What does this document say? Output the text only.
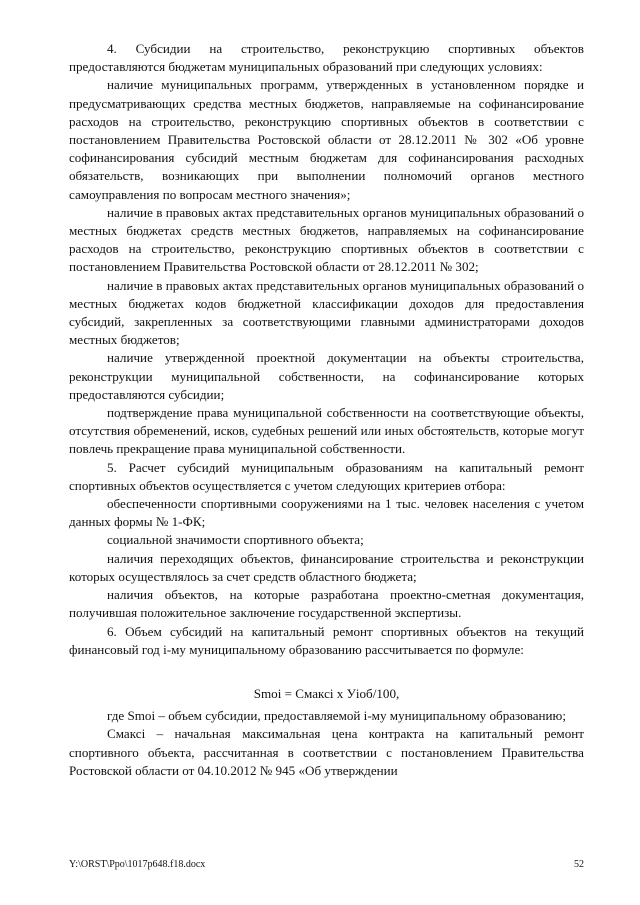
4. Субсидии на строительство, реконструкцию спортивных объектов предоставляются бюджетам муниципальных образований при следующих условиях:

наличие муниципальных программ, утвержденных в установленном порядке и предусматривающих средства местных бюджетов, направляемые на софинансирование расходов на строительство, реконструкцию спортивных объектов в соответствии с постановлением Правительства Ростовской области от 28.12.2011 № 302 «Об уровне софинансирования субсидий местным бюджетам для софинансирования расходных обязательств, возникающих при выполнении полномочий органов местного самоуправления по вопросам местного значения»;

наличие в правовых актах представительных органов муниципальных образований о местных бюджетах средств местных бюджетов, направляемых на софинансирование расходов на строительство, реконструкцию спортивных объектов в соответствии с постановлением Правительства Ростовской области от 28.12.2011 № 302;

наличие в правовых актах представительных органов муниципальных образований о местных бюджетах кодов бюджетной классификации доходов для предоставления субсидий, закрепленных за соответствующими главными администраторами доходов местных бюджетов;

наличие утвержденной проектной документации на объекты строительства, реконструкции муниципальной собственности, на софинансирование которых предоставляются субсидии;

подтверждение права муниципальной собственности на соответствующие объекты, отсутствия обременений, исков, судебных решений или иных обстоятельств, которые могут повлечь прекращение права муниципальной собственности.

5. Расчет субсидий муниципальным образованиям на капитальный ремонт спортивных объектов осуществляется с учетом следующих критериев отбора:

обеспеченности спортивными сооружениями на 1 тыс. человек населения с учетом данных формы № 1-ФК;

социальной значимости спортивного объекта;

наличия переходящих объектов, финансирование строительства и реконструкции которых осуществлялось за счет средств областного бюджета;

наличия объектов, на которые разработана проектно-сметная документация, получившая положительное заключение государственной экспертизы.

6. Объем субсидий на капитальный ремонт спортивных объектов на текущий финансовый год i-му муниципальному образованию рассчитывается по формуле:

Smoi = Смаксi x Уioб/100,

где Smoi – объем субсидии, предоставляемой i-му муниципальному образованию;

Смаксi – начальная максимальная цена контракта на капитальный ремонт спортивного объекта, рассчитанная в соответствии с постановлением Правительства Ростовской области от 04.10.2012 № 945 «Об утверждении

Y:\ORST\Ppo\1017p648.f18.docx	52
